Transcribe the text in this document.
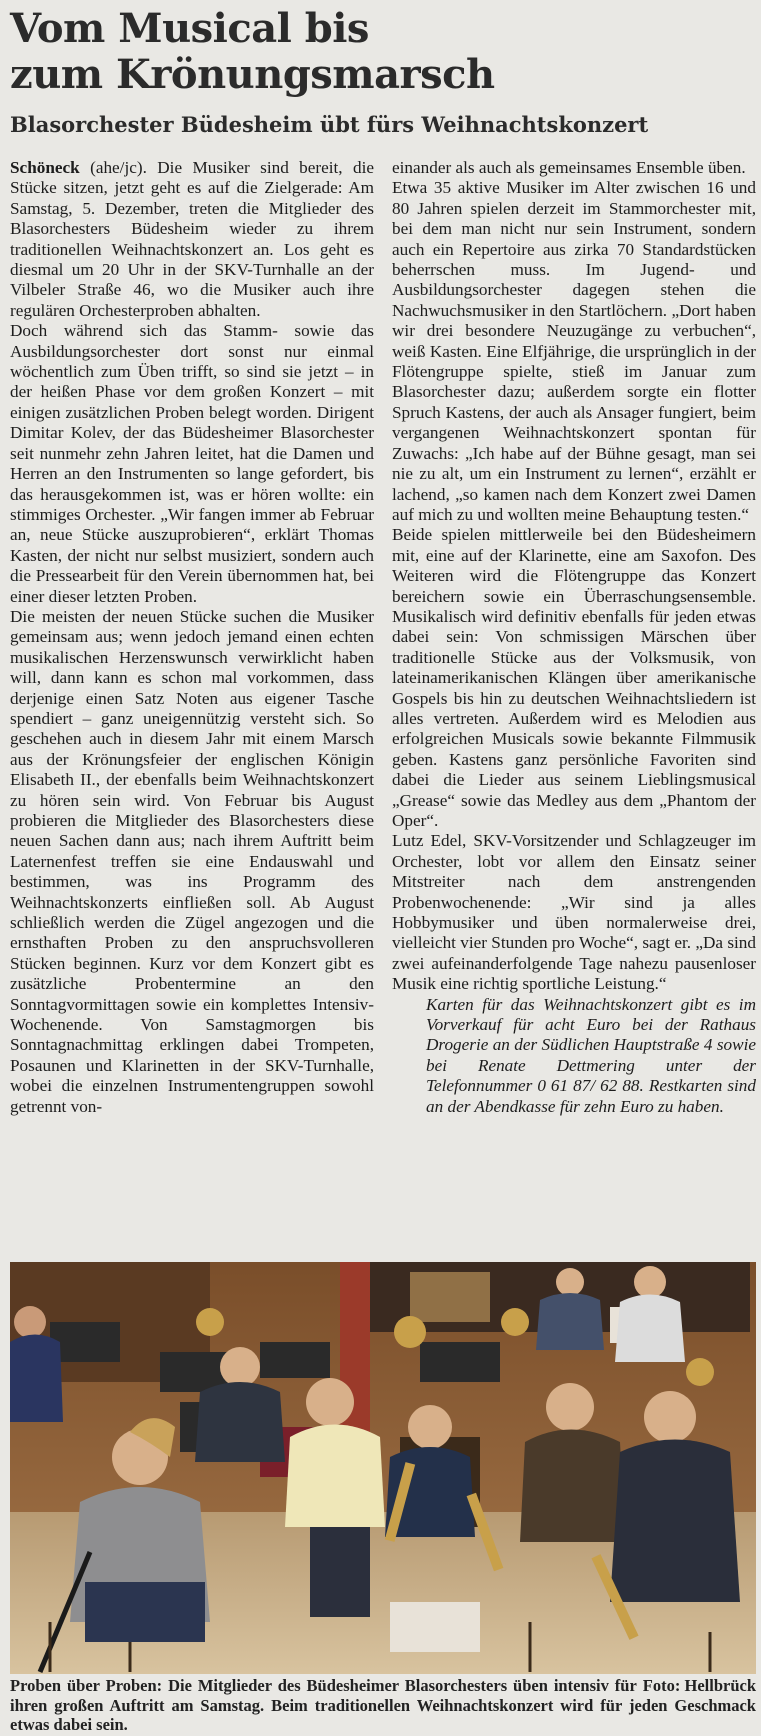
Vom Musical bis
zum Krönungsmarsch
Blasorchester Büdesheim übt fürs Weihnachtskonzert

Schöneck (ahe/jc). Die Musiker sind bereit, die Stücke sitzen, jetzt geht es auf die Zielgerade: Am Samstag, 5. Dezember, treten die Mitglieder des Blasorchesters Büdesheim wieder zu ihrem traditionellen Weihnachtskonzert an. Los geht es diesmal um 20 Uhr in der SKV-Turnhalle an der Vilbeler Straße 46, wo die Musiker auch ihre regulären Orchesterproben abhalten.

Doch während sich das Stamm- sowie das Ausbildungsorchester dort sonst nur einmal wöchentlich zum Üben trifft, so sind sie jetzt – in der heißen Phase vor dem großen Konzert – mit einigen zusätzlichen Proben belegt worden. Dirigent Dimitar Kolev, der das Büdesheimer Blasorchester seit nunmehr zehn Jahren leitet, hat die Damen und Herren an den Instrumenten so lange gefordert, bis das herausgekommen ist, was er hören wollte: ein stimmiges Orchester. „Wir fangen immer ab Februar an, neue Stücke auszuprobieren“, erklärt Thomas Kasten, der nicht nur selbst musiziert, sondern auch die Pressearbeit für den Verein übernommen hat, bei einer dieser letzten Proben.

Die meisten der neuen Stücke suchen die Musiker gemeinsam aus; wenn jedoch jemand einen echten musikalischen Herzenswunsch verwirklicht haben will, dann kann es schon mal vorkommen, dass derjenige einen Satz Noten aus eigener Tasche spendiert – ganz uneigennützig versteht sich. So geschehen auch in diesem Jahr mit einem Marsch aus der Krönungsfeier der englischen Königin Elisabeth II., der ebenfalls beim Weihnachtskonzert zu hören sein wird. Von Februar bis August probieren die Mitglieder des Blasorchesters diese neuen Sachen dann aus; nach ihrem Auftritt beim Laternenfest treffen sie eine Endauswahl und bestimmen, was ins Programm des Weihnachtskonzerts einfließen soll. Ab August schließlich werden die Zügel angezogen und die ernsthaften Proben zu den anspruchsvolleren Stücken beginnen. Kurz vor dem Konzert gibt es zusätzliche Probentermine an den Sonntagvormittagen sowie ein komplettes Intensiv-Wochenende. Von Samstagmorgen bis Sonntagnachmittag erklingen dabei Trompeten, Posaunen und Klarinetten in der SKV-Turnhalle, wobei die einzelnen Instrumentengruppen sowohl getrennt von-

einander als auch als gemeinsames Ensemble üben.

Etwa 35 aktive Musiker im Alter zwischen 16 und 80 Jahren spielen derzeit im Stammorchester mit, bei dem man nicht nur sein Instrument, sondern auch ein Repertoire aus zirka 70 Standardstücken beherrschen muss. Im Jugend- und Ausbildungsorchester dagegen stehen die Nachwuchsmusiker in den Startlöchern. „Dort haben wir drei besondere Neuzugänge zu verbuchen“, weiß Kasten. Eine Elfjährige, die ursprünglich in der Flötengruppe spielte, stieß im Januar zum Blasorchester dazu; außerdem sorgte ein flotter Spruch Kastens, der auch als Ansager fungiert, beim vergangenen Weihnachtskonzert spontan für Zuwachs: „Ich habe auf der Bühne gesagt, man sei nie zu alt, um ein Instrument zu lernen“, erzählt er lachend, „so kamen nach dem Konzert zwei Damen auf mich zu und wollten meine Behauptung testen.“

Beide spielen mittlerweile bei den Büdesheimern mit, eine auf der Klarinette, eine am Saxofon. Des Weiteren wird die Flötengruppe das Konzert bereichern sowie ein Überraschungsensemble. Musikalisch wird definitiv ebenfalls für jeden etwas dabei sein: Von schmissigen Märschen über traditionelle Stücke aus der Volksmusik, von lateinamerikanischen Klängen über amerikanische Gospels bis hin zu deutschen Weihnachtsliedern ist alles vertreten. Außerdem wird es Melodien aus erfolgreichen Musicals sowie bekannte Filmmusik geben. Kastens ganz persönliche Favoriten sind dabei die Lieder aus seinem Lieblingsmusical „Grease“ sowie das Medley aus dem „Phantom der Oper“.

Lutz Edel, SKV-Vorsitzender und Schlagzeuger im Orchester, lobt vor allem den Einsatz seiner Mitstreiter nach dem anstrengenden Probenwochenende: „Wir sind ja alles Hobbymusiker und üben normalerweise drei, vielleicht vier Stunden pro Woche“, sagt er. „Da sind zwei aufeinanderfolgende Tage nahezu pausenloser Musik eine richtig sportliche Leistung.“

Karten für das Weihnachtskonzert gibt es im Vorverkauf für acht Euro bei der Rathaus Drogerie an der Südlichen Hauptstraße 4 sowie bei Renate Dettmering unter der Telefonnummer 0 61 87/ 62 88. Restkarten sind an der Abendkasse für zehn Euro zu haben.

Foto: Hellbrück
Proben über Proben: Die Mitglieder des Büdesheimer Blasorchesters üben intensiv für ihren großen Auftritt am Samstag. Beim traditionellen Weihnachtskonzert wird für jeden Geschmack etwas dabei sein.
